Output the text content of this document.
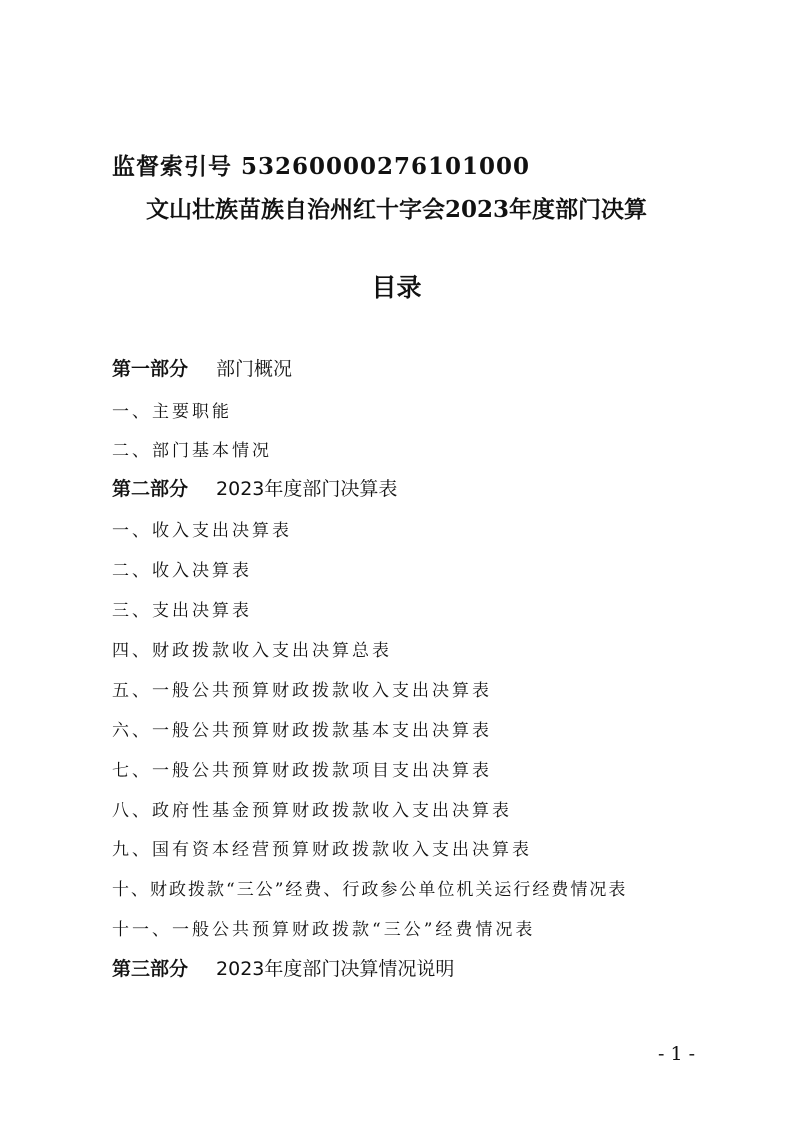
监督索引号 53260000276101000
文山壮族苗族自治州红十字会2023年度部门决算
目录
第一部分 部门概况
一、主要职能
二、部门基本情况
第二部分 2023年度部门决算表
一、收入支出决算表
二、收入决算表
三、支出决算表
四、财政拨款收入支出决算总表
五、一般公共预算财政拨款收入支出决算表
六、一般公共预算财政拨款基本支出决算表
七、一般公共预算财政拨款项目支出决算表
八、政府性基金预算财政拨款收入支出决算表
九、国有资本经营预算财政拨款收入支出决算表
十、财政拨款“三公”经费、行政参公单位机关运行经费情况表
十一、一般公共预算财政拨款“三公”经费情况表
第三部分 2023年度部门决算情况说明
- 1 -
